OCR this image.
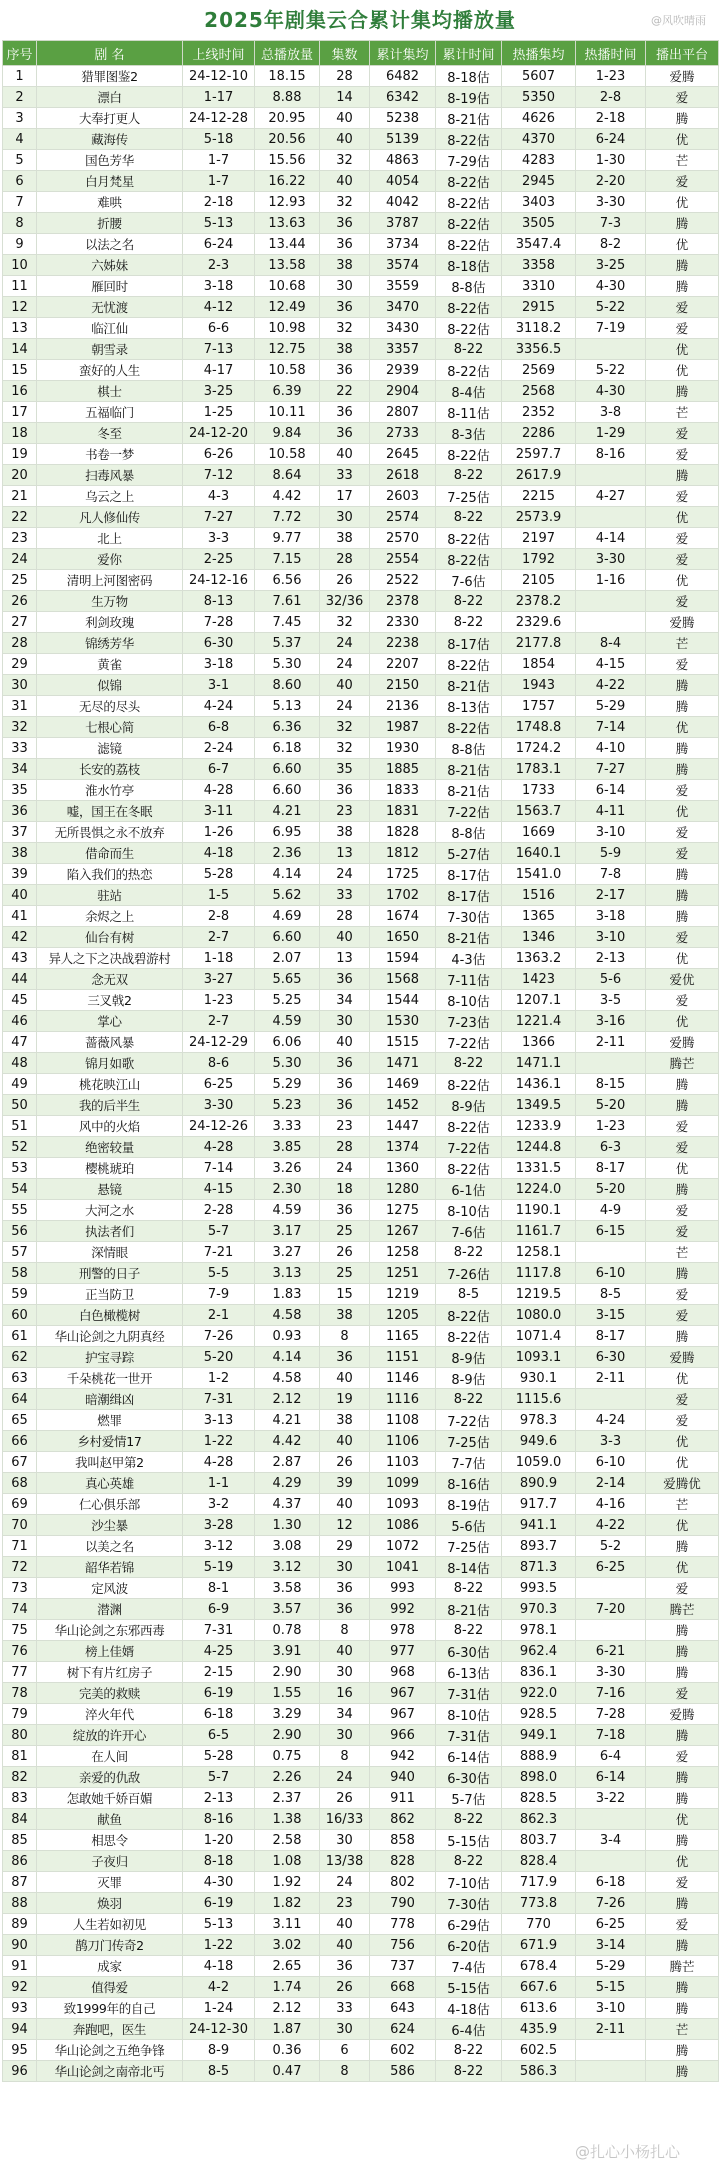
2025年剧集云合累计集均播放量	@风吹晴雨
序号	剧 名	上线时间	总播放量	集数	累计集均	累计时间	热播集均	热播时间	播出平台
1	猎罪图鉴2	24-12-10	18.15	28	6482	8-18估	5607	1-23	爱腾
2	漂白	1-17	8.88	14	6342	8-19估	5350	2-8	爱
3	大奉打更人	24-12-28	20.95	40	5238	8-21估	4626	2-18	腾
4	藏海传	5-18	20.56	40	5139	8-22估	4370	6-24	优
5	国色芳华	1-7	15.56	32	4863	7-29估	4283	1-30	芒
6	白月梵星	1-7	16.22	40	4054	8-22估	2945	2-20	爱
7	难哄	2-18	12.93	32	4042	8-22估	3403	3-30	优
8	折腰	5-13	13.63	36	3787	8-22估	3505	7-3	腾
9	以法之名	6-24	13.44	36	3734	8-22估	3547.4	8-2	优
10	六姊妹	2-3	13.58	38	3574	8-18估	3358	3-25	腾
11	雁回时	3-18	10.68	30	3559	8-8估	3310	4-30	腾
12	无忧渡	4-12	12.49	36	3470	8-22估	2915	5-22	爱
13	临江仙	6-6	10.98	32	3430	8-22估	3118.2	7-19	爱
14	朝雪录	7-13	12.75	38	3357	8-22	3356.5		优
15	蛮好的人生	4-17	10.58	36	2939	8-22估	2569	5-22	优
16	棋士	3-25	6.39	22	2904	8-4估	2568	4-30	腾
17	五福临门	1-25	10.11	36	2807	8-11估	2352	3-8	芒
18	冬至	24-12-20	9.84	36	2733	8-3估	2286	1-29	爱
19	书卷一梦	6-26	10.58	40	2645	8-22估	2597.7	8-16	爱
20	扫毒风暴	7-12	8.64	33	2618	8-22	2617.9		腾
21	乌云之上	4-3	4.42	17	2603	7-25估	2215	4-27	爱
22	凡人修仙传	7-27	7.72	30	2574	8-22	2573.9		优
23	北上	3-3	9.77	38	2570	8-22估	2197	4-14	爱
24	爱你	2-25	7.15	28	2554	8-22估	1792	3-30	爱
25	清明上河图密码	24-12-16	6.56	26	2522	7-6估	2105	1-16	优
26	生万物	8-13	7.61	32/36	2378	8-22	2378.2		爱
27	利剑玫瑰	7-28	7.45	32	2330	8-22	2329.6		爱腾
28	锦绣芳华	6-30	5.37	24	2238	8-17估	2177.8	8-4	芒
29	黄雀	3-18	5.30	24	2207	8-22估	1854	4-15	爱
30	似锦	3-1	8.60	40	2150	8-21估	1943	4-22	腾
31	无尽的尽头	4-24	5.13	24	2136	8-13估	1757	5-29	腾
32	七根心简	6-8	6.36	32	1987	8-22估	1748.8	7-14	优
33	滤镜	2-24	6.18	32	1930	8-8估	1724.2	4-10	腾
34	长安的荔枝	6-7	6.60	35	1885	8-21估	1783.1	7-27	腾
35	淮水竹亭	4-28	6.60	36	1833	8-21估	1733	6-14	爱
36	嘘，国王在冬眠	3-11	4.21	23	1831	7-22估	1563.7	4-11	优
37	无所畏惧之永不放弃	1-26	6.95	38	1828	8-8估	1669	3-10	爱
38	借命而生	4-18	2.36	13	1812	5-27估	1640.1	5-9	爱
39	陷入我们的热恋	5-28	4.14	24	1725	8-17估	1541.0	7-8	腾
40	驻站	1-5	5.62	33	1702	8-17估	1516	2-17	腾
41	余烬之上	2-8	4.69	28	1674	7-30估	1365	3-18	腾
42	仙台有树	2-7	6.60	40	1650	8-21估	1346	3-10	爱
43	异人之下之决战碧游村	1-18	2.07	13	1594	4-3估	1363.2	2-13	优
44	念无双	3-27	5.65	36	1568	7-11估	1423	5-6	爱优
45	三叉戟2	1-23	5.25	34	1544	8-10估	1207.1	3-5	爱
46	掌心	2-7	4.59	30	1530	7-23估	1221.4	3-16	优
47	蔷薇风暴	24-12-29	6.06	40	1515	7-22估	1366	2-11	爱腾
48	锦月如歌	8-6	5.30	36	1471	8-22	1471.1		腾芒
49	桃花映江山	6-25	5.29	36	1469	8-22估	1436.1	8-15	腾
50	我的后半生	3-30	5.23	36	1452	8-9估	1349.5	5-20	腾
51	风中的火焰	24-12-26	3.33	23	1447	8-22估	1233.9	1-23	爱
52	绝密较量	4-28	3.85	28	1374	7-22估	1244.8	6-3	爱
53	樱桃琥珀	7-14	3.26	24	1360	8-22估	1331.5	8-17	优
54	悬镜	4-15	2.30	18	1280	6-1估	1224.0	5-20	腾
55	大河之水	2-28	4.59	36	1275	8-10估	1190.1	4-9	爱
56	执法者们	5-7	3.17	25	1267	7-6估	1161.7	6-15	爱
57	深情眼	7-21	3.27	26	1258	8-22	1258.1		芒
58	刑警的日子	5-5	3.13	25	1251	7-26估	1117.8	6-10	腾
59	正当防卫	7-9	1.83	15	1219	8-5	1219.5	8-5	爱
60	白色橄榄树	2-1	4.58	38	1205	8-22估	1080.0	3-15	爱
61	华山论剑之九阴真经	7-26	0.93	8	1165	8-22估	1071.4	8-17	腾
62	护宝寻踪	5-20	4.14	36	1151	8-9估	1093.1	6-30	爱腾
63	千朵桃花一世开	1-2	4.58	40	1146	8-9估	930.1	2-11	优
64	暗潮缉凶	7-31	2.12	19	1116	8-22	1115.6		爱
65	燃罪	3-13	4.21	38	1108	7-22估	978.3	4-24	爱
66	乡村爱情17	1-22	4.42	40	1106	7-25估	949.6	3-3	优
67	我叫赵甲第2	4-28	2.87	26	1103	7-7估	1059.0	6-10	优
68	真心英雄	1-1	4.29	39	1099	8-16估	890.9	2-14	爱腾优
69	仁心俱乐部	3-2	4.37	40	1093	8-19估	917.7	4-16	芒
70	沙尘暴	3-28	1.30	12	1086	5-6估	941.1	4-22	优
71	以美之名	3-12	3.08	29	1072	7-25估	893.7	5-2	腾
72	韶华若锦	5-19	3.12	30	1041	8-14估	871.3	6-25	优
73	定风波	8-1	3.58	36	993	8-22	993.5		爱
74	潜渊	6-9	3.57	36	992	8-21估	970.3	7-20	腾芒
75	华山论剑之东邪西毒	7-31	0.78	8	978	8-22	978.1		腾
76	榜上佳婿	4-25	3.91	40	977	6-30估	962.4	6-21	腾
77	树下有片红房子	2-15	2.90	30	968	6-13估	836.1	3-30	腾
78	完美的救赎	6-19	1.55	16	967	7-31估	922.0	7-16	爱
79	淬火年代	6-18	3.29	34	967	8-10估	928.5	7-28	爱腾
80	绽放的许开心	6-5	2.90	30	966	7-31估	949.1	7-18	腾
81	在人间	5-28	0.75	8	942	6-14估	888.9	6-4	爱
82	亲爱的仇敌	5-7	2.26	24	940	6-30估	898.0	6-14	腾
83	怎敢她千娇百媚	2-13	2.37	26	911	5-7估	828.5	3-22	腾
84	献鱼	8-16	1.38	16/33	862	8-22	862.3		优
85	相思令	1-20	2.58	30	858	5-15估	803.7	3-4	腾
86	子夜归	8-18	1.08	13/38	828	8-22	828.4		优
87	灭罪	4-30	1.92	24	802	7-10估	717.9	6-18	爱
88	焕羽	6-19	1.82	23	790	7-30估	773.8	7-26	腾
89	人生若如初见	5-13	3.11	40	778	6-29估	770	6-25	爱
90	鹊刀门传奇2	1-22	3.02	40	756	6-20估	671.9	3-14	腾
91	成家	4-18	2.65	36	737	7-4估	678.4	5-29	腾芒
92	值得爱	4-2	1.74	26	668	5-15估	667.6	5-15	腾
93	致1999年的自己	1-24	2.12	33	643	4-18估	613.6	3-10	腾
94	奔跑吧，医生	24-12-30	1.87	30	624	6-4估	435.9	2-11	芒
95	华山论剑之五绝争锋	8-9	0.36	6	602	8-22	602.5		腾
96	华山论剑之南帝北丐	8-5	0.47	8	586	8-22	586.3		腾
@扎心小杨扎心
